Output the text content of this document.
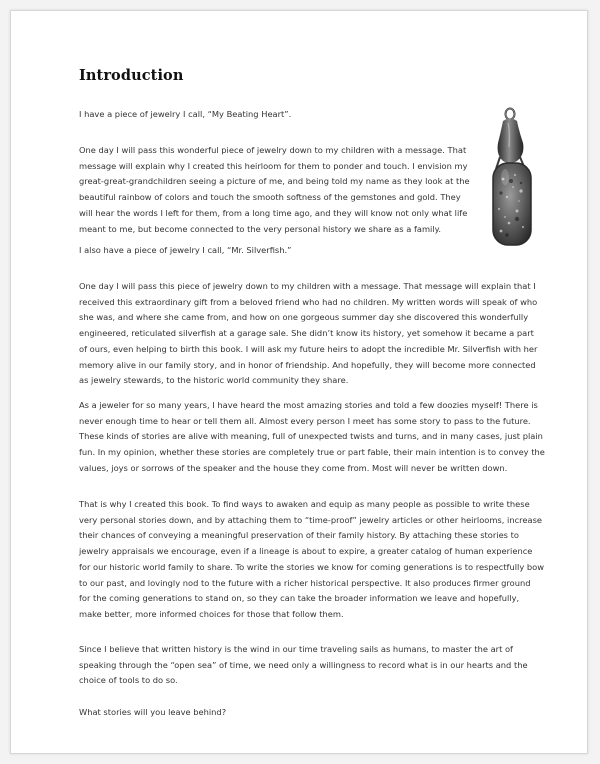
Introduction
I have a piece of jewelry I call, “My Beating Heart”.
One day I will pass this wonderful piece of jewelry down to my children with a message. That
message will explain why I created this heirloom for them to ponder and touch. I envision my
great-great-grandchildren seeing a picture of me, and being told my name as they look at the
beautiful rainbow of colors and touch the smooth softness of the gemstones and gold. They
will hear the words I left for them, from a long time ago, and they will know not only what life
meant to me, but become connected to the very personal history we share as a family.
I also have a piece of jewelry I call, “Mr. Silverfish.”
One day I will pass this piece of jewelry down to my children with a message. That message will explain that I
received this extraordinary gift from a beloved friend who had no children. My written words will speak of who
she was, and where she came from, and how on one gorgeous summer day she discovered this wonderfully
engineered, reticulated silverfish at a garage sale. She didn’t know its history, yet somehow it became a part
of ours, even helping to birth this book. I will ask my future heirs to adopt the incredible Mr. Silverfish with her
memory alive in our family story, and in honor of friendship. And hopefully, they will become more connected
as jewelry stewards, to the historic world community they share.
As a jeweler for so many years, I have heard the most amazing stories and told a few doozies myself! There is
never enough time to hear or tell them all. Almost every person I meet has some story to pass to the future.
These kinds of stories are alive with meaning, full of unexpected twists and turns, and in many cases, just plain
fun. In my opinion, whether these stories are completely true or part fable, their main intention is to convey the
values, joys or sorrows of the speaker and the house they come from. Most will never be written down.
That is why I created this book. To find ways to awaken and equip as many people as possible to write these
very personal stories down, and by attaching them to “time-proof” jewelry articles or other heirlooms, increase
their chances of conveying a meaningful preservation of their family history. By attaching these stories to
jewelry appraisals we encourage, even if a lineage is about to expire, a greater catalog of human experience
for our historic world family to share. To write the stories we know for coming generations is to respectfully bow
to our past, and lovingly nod to the future with a richer historical perspective. It also produces firmer ground
for the coming generations to stand on, so they can take the broader information we leave and hopefully,
make better, more informed choices for those that follow them.
Since I believe that written history is the wind in our time traveling sails as humans, to master the art of
speaking through the “open sea” of time, we need only a willingness to record what is in our hearts and the
choice of tools to do so.
What stories will you leave behind?
